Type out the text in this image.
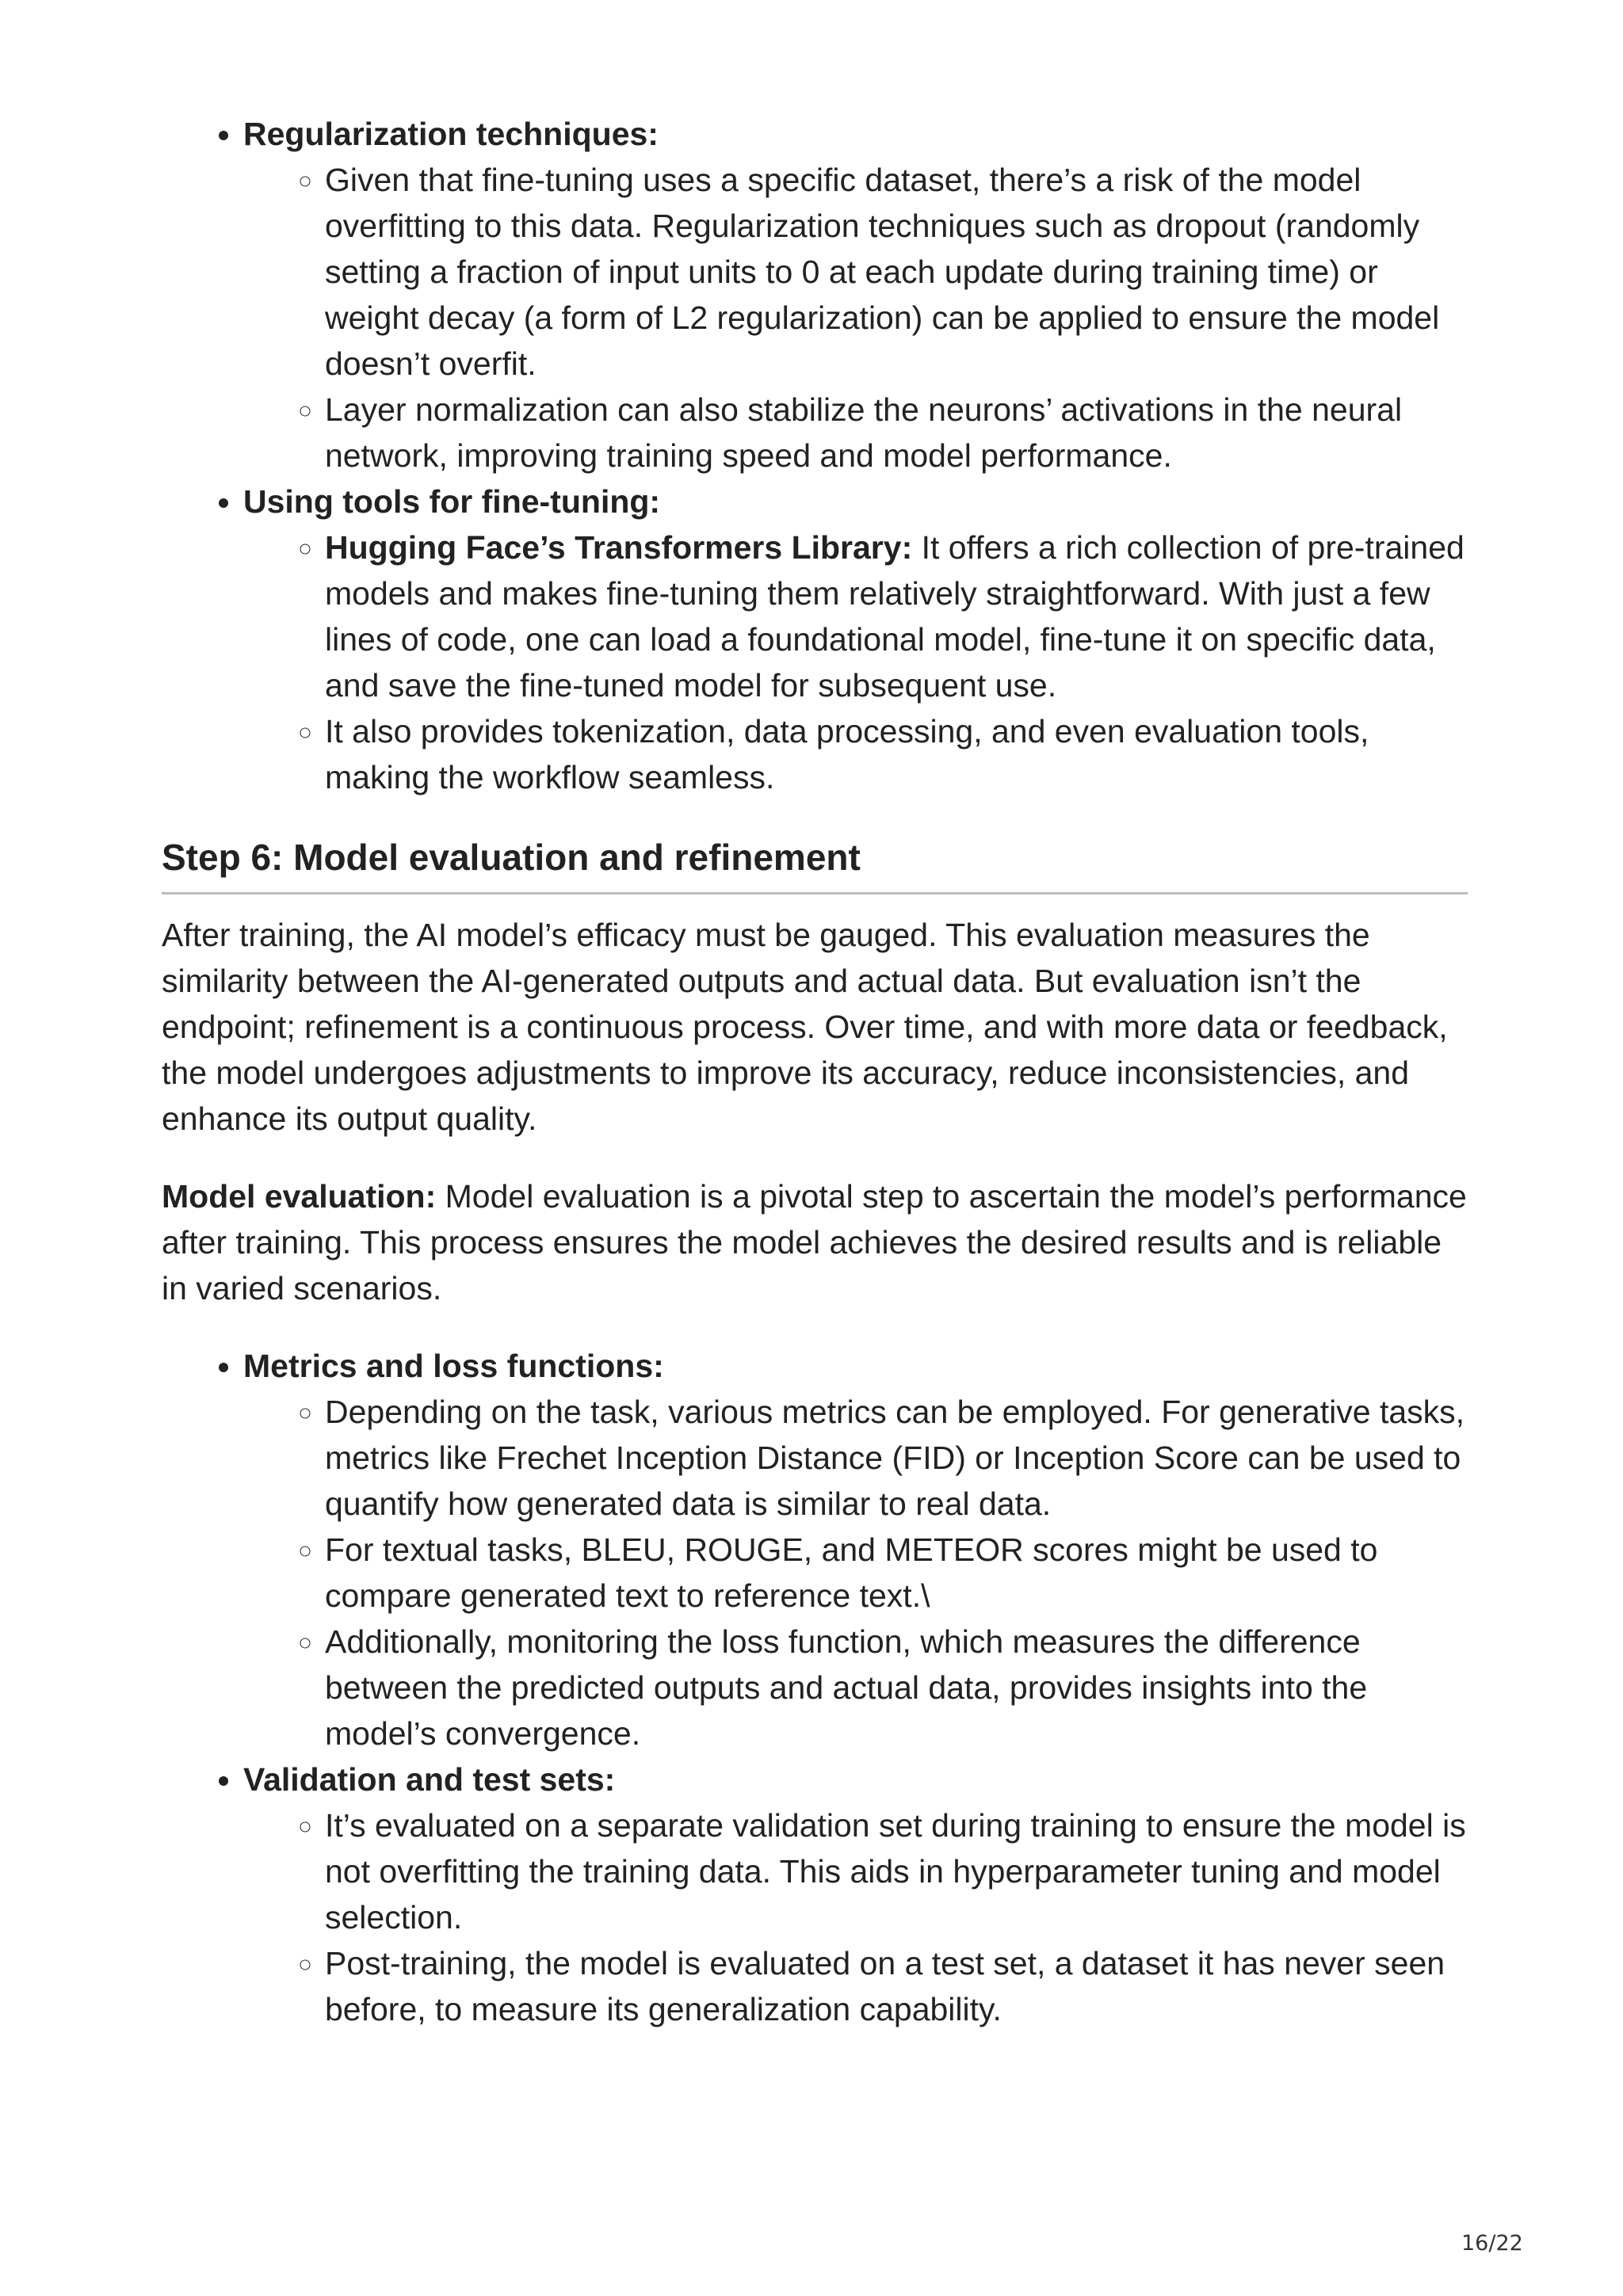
• Regularization techniques:
◦ Given that fine-tuning uses a specific dataset, there’s a risk of the model overfitting to this data. Regularization techniques such as dropout (randomly setting a fraction of input units to 0 at each update during training time) or weight decay (a form of L2 regularization) can be applied to ensure the model doesn’t overfit.
◦ Layer normalization can also stabilize the neurons’ activations in the neural network, improving training speed and model performance.
• Using tools for fine-tuning:
◦ Hugging Face’s Transformers Library: It offers a rich collection of pre-trained models and makes fine-tuning them relatively straightforward. With just a few lines of code, one can load a foundational model, fine-tune it on specific data, and save the fine-tuned model for subsequent use.
◦ It also provides tokenization, data processing, and even evaluation tools, making the workflow seamless.
Step 6: Model evaluation and refinement

After training, the AI model’s efficacy must be gauged. This evaluation measures the similarity between the AI-generated outputs and actual data. But evaluation isn’t the endpoint; refinement is a continuous process. Over time, and with more data or feedback, the model undergoes adjustments to improve its accuracy, reduce inconsistencies, and enhance its output quality.

Model evaluation: Model evaluation is a pivotal step to ascertain the model’s performance after training. This process ensures the model achieves the desired results and is reliable in varied scenarios.

• Metrics and loss functions:
◦ Depending on the task, various metrics can be employed. For generative tasks, metrics like Frechet Inception Distance (FID) or Inception Score can be used to quantify how generated data is similar to real data.
◦ For textual tasks, BLEU, ROUGE, and METEOR scores might be used to compare generated text to reference text.\
◦ Additionally, monitoring the loss function, which measures the difference between the predicted outputs and actual data, provides insights into the model’s convergence.
• Validation and test sets:
◦ It’s evaluated on a separate validation set during training to ensure the model is not overfitting the training data. This aids in hyperparameter tuning and model selection.
◦ Post-training, the model is evaluated on a test set, a dataset it has never seen before, to measure its generalization capability.
16/22
